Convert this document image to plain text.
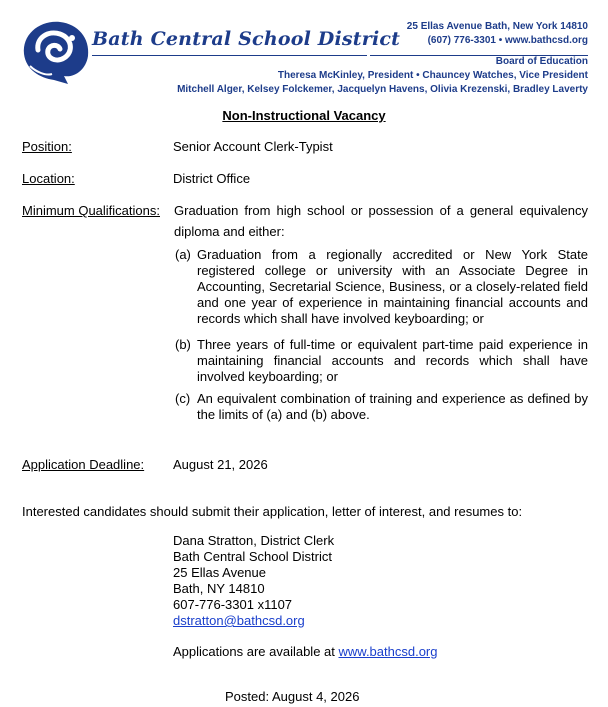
Bath Central School District
25 Ellas Avenue Bath, New York 14810
(607) 776-3301 • www.bathcsd.org
Board of Education
Theresa McKinley, President • Chauncey Watches, Vice President
Mitchell Alger, Kelsey Folckemer, Jacquelyn Havens, Olivia Krezenski, Bradley Laverty
Non-Instructional Vacancy
Position:	Senior Account Clerk-Typist
Location:	District Office
Minimum Qualifications: Graduation from high school or possession of a general equivalency
diploma and either:
(a) Graduation from a regionally accredited or New York State registered college or university with an Associate Degree in Accounting, Secretarial Science, Business, or a closely-related field and one year of experience in maintaining financial accounts and records which shall have involved keyboarding; or
(b) Three years of full-time or equivalent part-time paid experience in maintaining financial accounts and records which shall have involved keyboarding; or
(c) An equivalent combination of training and experience as defined by the limits of (a) and (b) above.
Application Deadline: August 21, 2026
Interested candidates should submit their application, letter of interest, and resumes to:
Dana Stratton, District Clerk
Bath Central School District
25 Ellas Avenue
Bath, NY 14810
607-776-3301 x1107
dstratton@bathcsd.org
Applications are available at www.bathcsd.org
Posted: August 4, 2026
